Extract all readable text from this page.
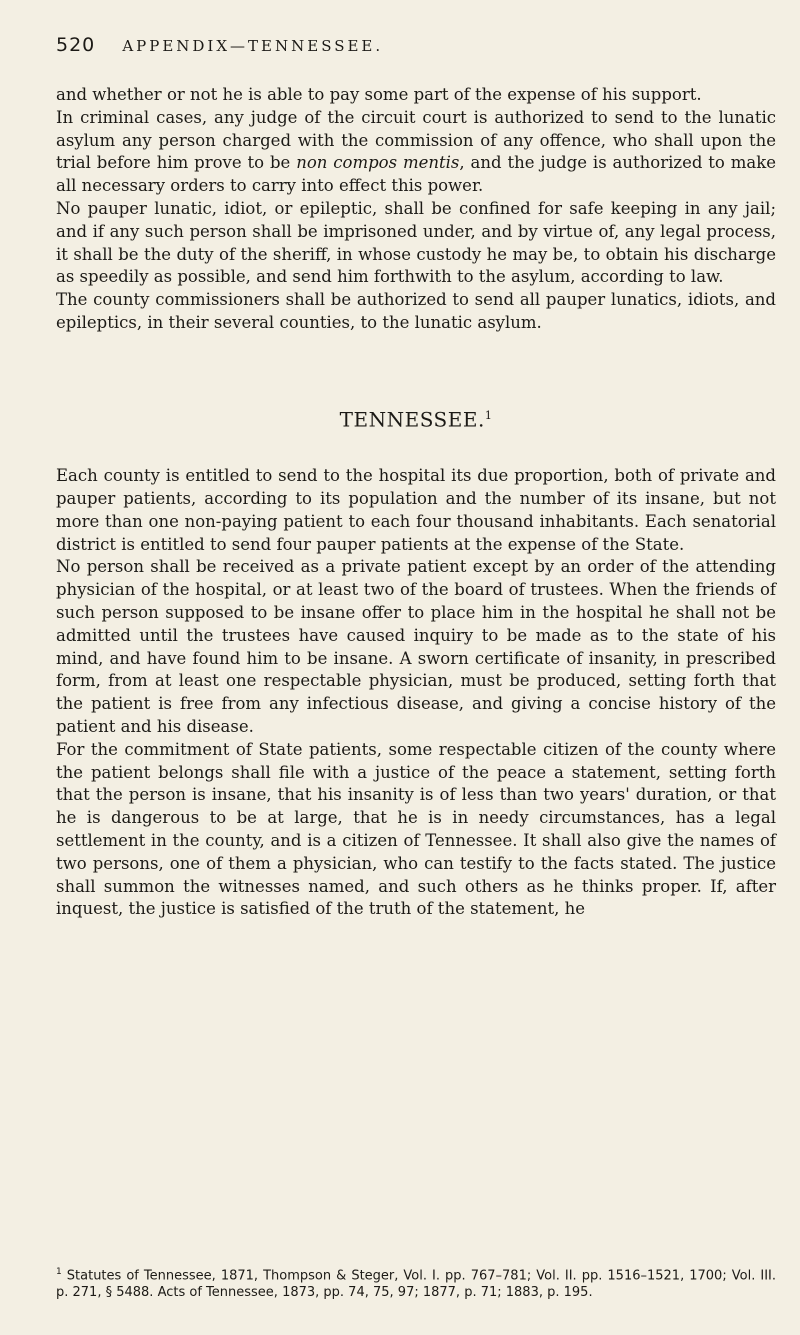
520 APPENDIX—TENNESSEE.

and whether or not he is able to pay some part of the expense of his support.

In criminal cases, any judge of the circuit court is authorized to send to the lunatic asylum any person charged with the commission of any offence, who shall upon the trial before him prove to be non compos mentis, and the judge is authorized to make all necessary orders to carry into effect this power.

No pauper lunatic, idiot, or epileptic, shall be confined for safe keeping in any jail; and if any such person shall be imprisoned under, and by virtue of, any legal process, it shall be the duty of the sheriff, in whose custody he may be, to obtain his discharge as speedily as possible, and send him forthwith to the asylum, according to law.

The county commissioners shall be authorized to send all pauper lunatics, idiots, and epileptics, in their several counties, to the lunatic asylum.

TENNESSEE.$^1$

Each county is entitled to send to the hospital its due proportion, both of private and pauper patients, according to its population and the number of its insane, but not more than one non-paying patient to each four thousand inhabitants. Each senatorial district is entitled to send four pauper patients at the expense of the State.

No person shall be received as a private patient except by an order of the attending physician of the hospital, or at least two of the board of trustees. When the friends of such person supposed to be insane offer to place him in the hospital he shall not be admitted until the trustees have caused inquiry to be made as to the state of his mind, and have found him to be insane. A sworn certificate of insanity, in prescribed form, from at least one respectable physician, must be produced, setting forth that the patient is free from any infectious disease, and giving a concise history of the patient and his disease.

For the commitment of State patients, some respectable citizen of the county where the patient belongs shall file with a justice of the peace a statement, setting forth that the person is insane, that his insanity is of less than two years' duration, or that he is dangerous to be at large, that he is in needy circumstances, has a legal settlement in the county, and is a citizen of Tennessee. It shall also give the names of two persons, one of them a physician, who can testify to the facts stated. The justice shall summon the witnesses named, and such others as he thinks proper. If, after inquest, the justice is satisfied of the truth of the statement, he

$^1$ Statutes of Tennessee, 1871, Thompson & Steger, Vol. I. pp. 767–781; Vol. II. pp. 1516–1521, 1700; Vol. III. p. 271, § 5488. Acts of Tennessee, 1873, pp. 74, 75, 97; 1877, p. 71; 1883, p. 195.
